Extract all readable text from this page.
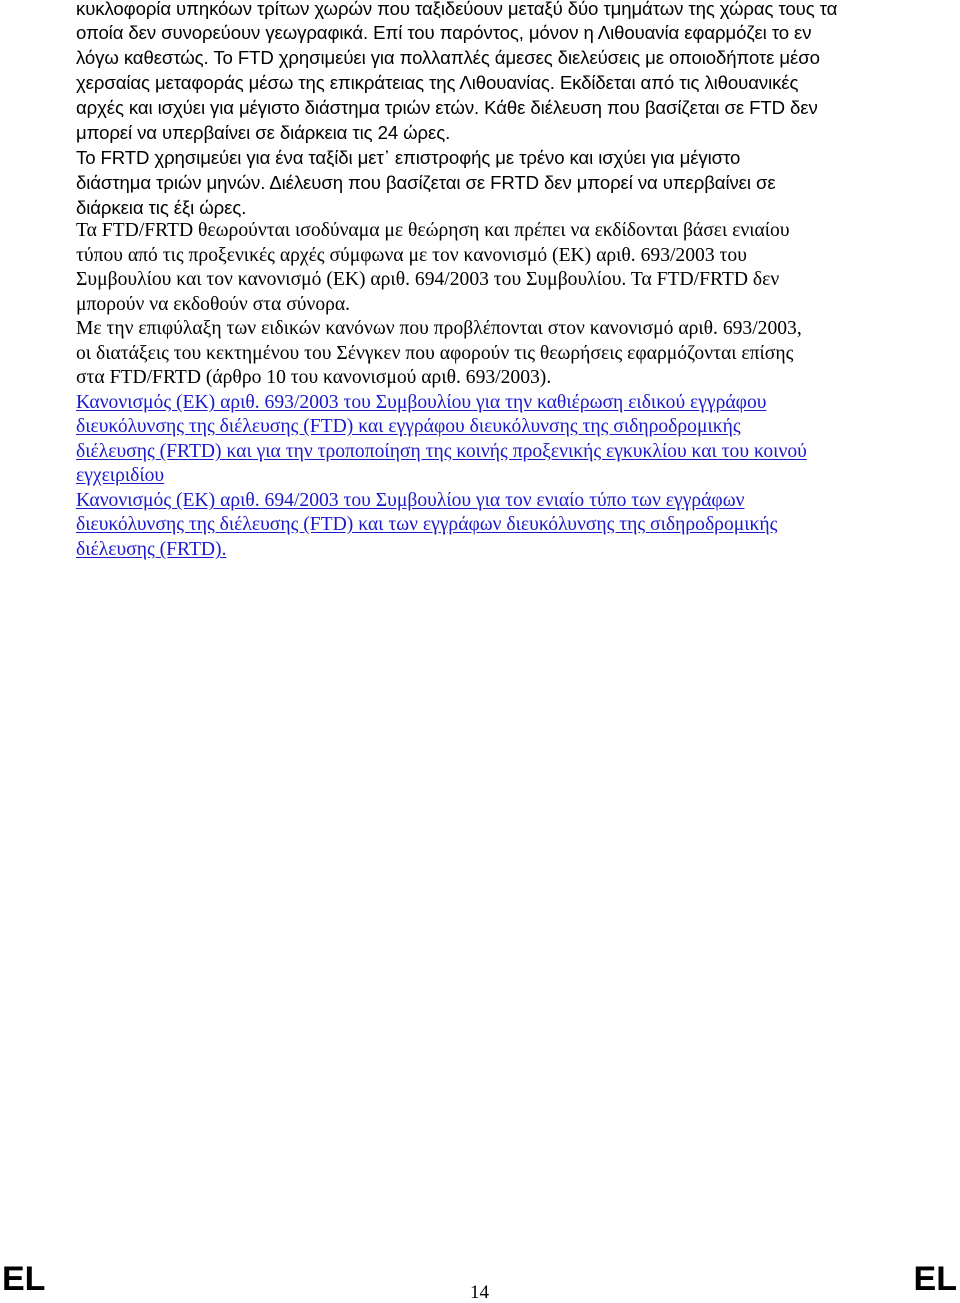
κυκλοφορία υπηκόων τρίτων χωρών που ταξιδεύουν μεταξύ δύο τμημάτων της χώρας τους τα
οποία δεν συνορεύουν γεωγραφικά. Επί του παρόντος, μόνον η Λιθουανία εφαρμόζει το εν
λόγω καθεστώς. Το FTD χρησιμεύει για πολλαπλές άμεσες διελεύσεις με οποιοδήποτε μέσο
χερσαίας μεταφοράς μέσω της επικράτειας της Λιθουανίας. Εκδίδεται από τις λιθουανικές
αρχές και ισχύει για μέγιστο διάστημα τριών ετών. Κάθε διέλευση που βασίζεται σε FTD δεν
μπορεί να υπερβαίνει σε διάρκεια τις 24 ώρες.
Το FRTD χρησιμεύει για ένα ταξίδι μετ᾽ επιστροφής με τρένο και ισχύει για μέγιστο
διάστημα τριών μηνών. Διέλευση που βασίζεται σε FRTD δεν μπορεί να υπερβαίνει σε
διάρκεια τις έξι ώρες.
Τα FTD/FRTD θεωρούνται ισοδύναμα με θεώρηση και πρέπει να εκδίδονται βάσει ενιαίου
τύπου από τις προξενικές αρχές σύμφωνα με τον κανονισμό (ΕΚ) αριθ. 693/2003 του
Συμβουλίου και τον κανονισμό (ΕΚ) αριθ. 694/2003 του Συμβουλίου. Τα FTD/FRTD δεν
μπορούν να εκδοθούν στα σύνορα.
Με την επιφύλαξη των ειδικών κανόνων που προβλέπονται στον κανονισμό αριθ. 693/2003,
οι διατάξεις του κεκτημένου του Σένγκεν που αφορούν τις θεωρήσεις εφαρμόζονται επίσης
στα FTD/FRTD (άρθρο 10 του κανονισμού αριθ. 693/2003).
Κανονισμός (ΕΚ) αριθ. 693/2003 του Συμβουλίου για την καθιέρωση ειδικού εγγράφου
διευκόλυνσης της διέλευσης (FTD) και εγγράφου διευκόλυνσης της σιδηροδρομικής
διέλευσης (FRTD) και για την τροποποίηση της κοινής προξενικής εγκυκλίου και του κοινού
εγχειριδίου
Κανονισμός (ΕΚ) αριθ. 694/2003 του Συμβουλίου για τον ενιαίο τύπο των εγγράφων
διευκόλυνσης της διέλευσης (FTD) και των εγγράφων διευκόλυνσης της σιδηροδρομικής
διέλευσης (FRTD).
EL	14	EL
